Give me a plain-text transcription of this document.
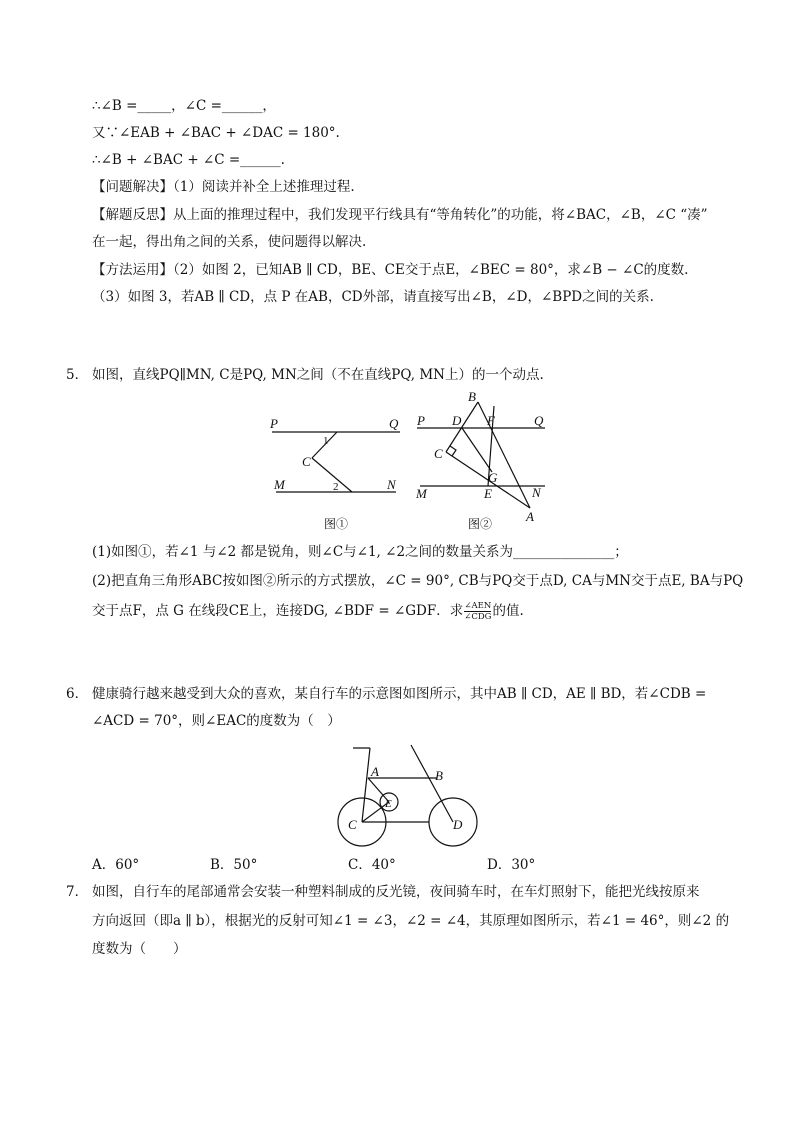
∴∠B =_____，∠C =______，
又∵∠EAB + ∠BAC + ∠DAC = 180°.
∴∠B + ∠BAC + ∠C =______.
【问题解决】（1）阅读并补全上述推理过程.
【解题反思】从上面的推理过程中，我们发现平行线具有“等角转化”的功能，将∠BAC，∠B，∠C “凑”
在一起，得出角之间的关系，使问题得以解决.
【方法运用】（2）如图 2，已知AB ∥ CD，BE、CE交于点E，∠BEC = 80°，求∠B − ∠C的度数.
（3）如图 3，若AB ∥ CD，点 P 在AB，CD外部，请直接写出∠B，∠D，∠BPD之间的关系.
5． 如图，直线PQ∥MN, C是PQ, MN之间（不在直线PQ, MN上）的一个动点.
P	Q
M	N
C
1
2
图①
P	Q
M	N
B
D F
C
G
E
A
图②
(1)如图①，若∠1 与∠2 都是锐角，则∠C与∠1, ∠2之间的数量关系为_______________；
(2)把直角三角形ABC按如图②所示的方式摆放，∠C = 90°, CB与PQ交于点D, CA与MN交于点E, BA与PQ
交于点F，点 G 在线段CE上，连接DG, ∠BDF = ∠GDF．求 ∠AEN
∠CDG 的值.
6． 健康骑行越来越受到大众的喜欢，某自行车的示意图如图所示，其中AB ∥ CD，AE ∥ BD，若∠CDB =
∠ACD = 70°，则∠EAC的度数为（　）
A	B
C	D
E
A．60°	B．50°	C．40°	D．30°
7． 如图，自行车的尾部通常会安装一种塑料制成的反光镜，夜间骑车时，在车灯照射下，能把光线按原来
方向返回（即a ∥ b），根据光的反射可知∠1 = ∠3，∠2 = ∠4，其原理如图所示，若∠1 = 46°，则∠2 的
度数为（　　）
